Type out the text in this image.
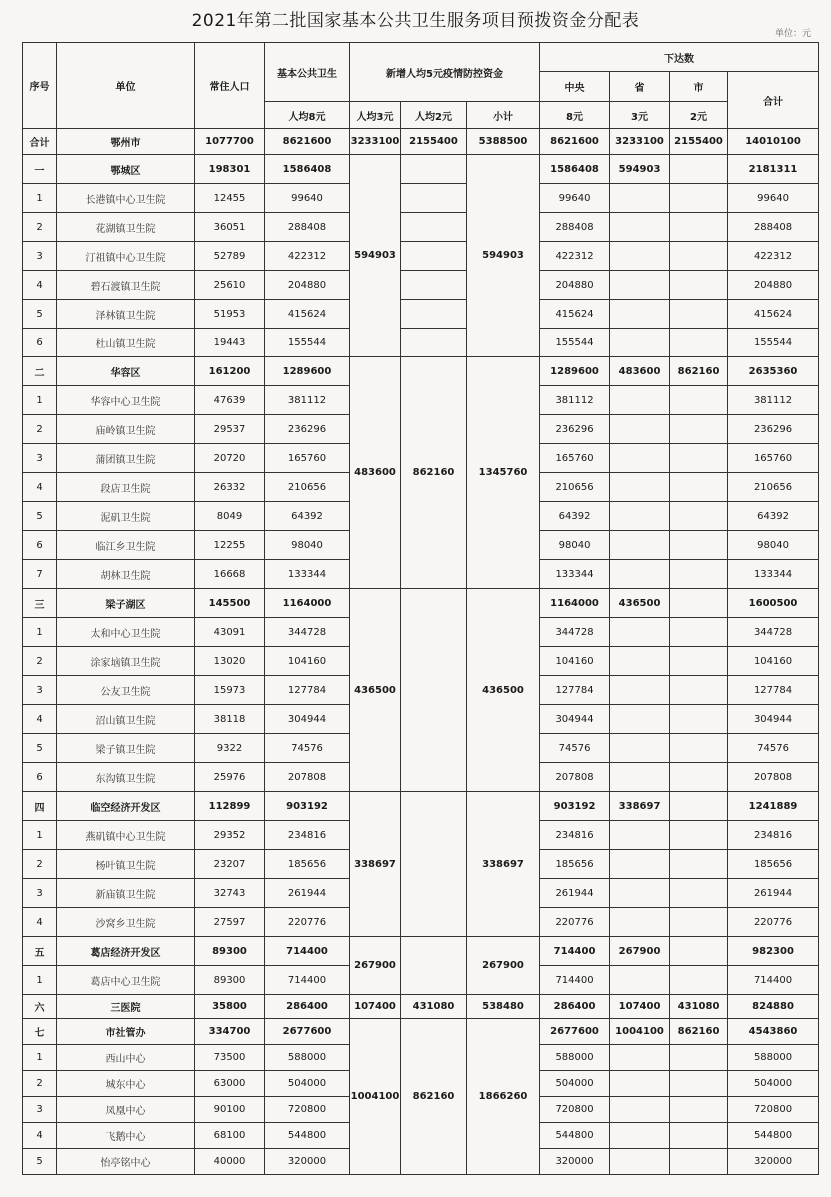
2021年第二批国家基本公共卫生服务项目预拨资金分配表
单位：元
序号	单位	常住人口	基本公共卫生	新增人均5元疫情防控资金			下达数			
							中央	省	市	合计
			人均8元	人均3元	人均2元	小计	8元	3元	2元	
合计	鄂州市	1077700	8621600	3233100	2155400	5388500	8621600	3233100	2155400	14010100
一	鄂城区	198301	1586408	594903		594903	1586408	594903		2181311
1	长港镇中心卫生院	12455	99640				99640			99640
2	花湖镇卫生院	36051	288408				288408			288408
3	汀祖镇中心卫生院	52789	422312				422312			422312
4	碧石渡镇卫生院	25610	204880				204880			204880
5	泽林镇卫生院	51953	415624				415624			415624
6	杜山镇卫生院	19443	155544				155544			155544
二	华容区	161200	1289600	483600	862160	1345760	1289600	483600	862160	2635360
1	华容中心卫生院	47639	381112				381112			381112
2	庙岭镇卫生院	29537	236296				236296			236296
3	蒲团镇卫生院	20720	165760				165760			165760
4	段店卫生院	26332	210656				210656			210656
5	泥矶卫生院	8049	64392				64392			64392
6	临江乡卫生院	12255	98040				98040			98040
7	胡林卫生院	16668	133344				133344			133344
三	梁子湖区	145500	1164000	436500		436500	1164000	436500		1600500
1	太和中心卫生院	43091	344728				344728			344728
2	涂家垴镇卫生院	13020	104160				104160			104160
3	公友卫生院	15973	127784				127784			127784
4	沼山镇卫生院	38118	304944				304944			304944
5	梁子镇卫生院	9322	74576				74576			74576
6	东沟镇卫生院	25976	207808				207808			207808
四	临空经济开发区	112899	903192	338697		338697	903192	338697		1241889
1	燕矶镇中心卫生院	29352	234816				234816			234816
2	杨叶镇卫生院	23207	185656				185656			185656
3	新庙镇卫生院	32743	261944				261944			261944
4	沙窝乡卫生院	27597	220776				220776			220776
五	葛店经济开发区	89300	714400	267900		267900	714400	267900		982300
1	葛店中心卫生院	89300	714400				714400			714400
六	三医院	35800	286400	107400	431080	538480	286400	107400	431080	824880
七	市社管办	334700	2677600	1004100	862160	1866260	2677600	1004100	862160	4543860
1	西山中心	73500	588000				588000			588000
2	城东中心	63000	504000				504000			504000
3	凤凰中心	90100	720800				720800			720800
4	飞鹅中心	68100	544800				544800			544800
5	怡亭铭中心	40000	320000				320000			320000
